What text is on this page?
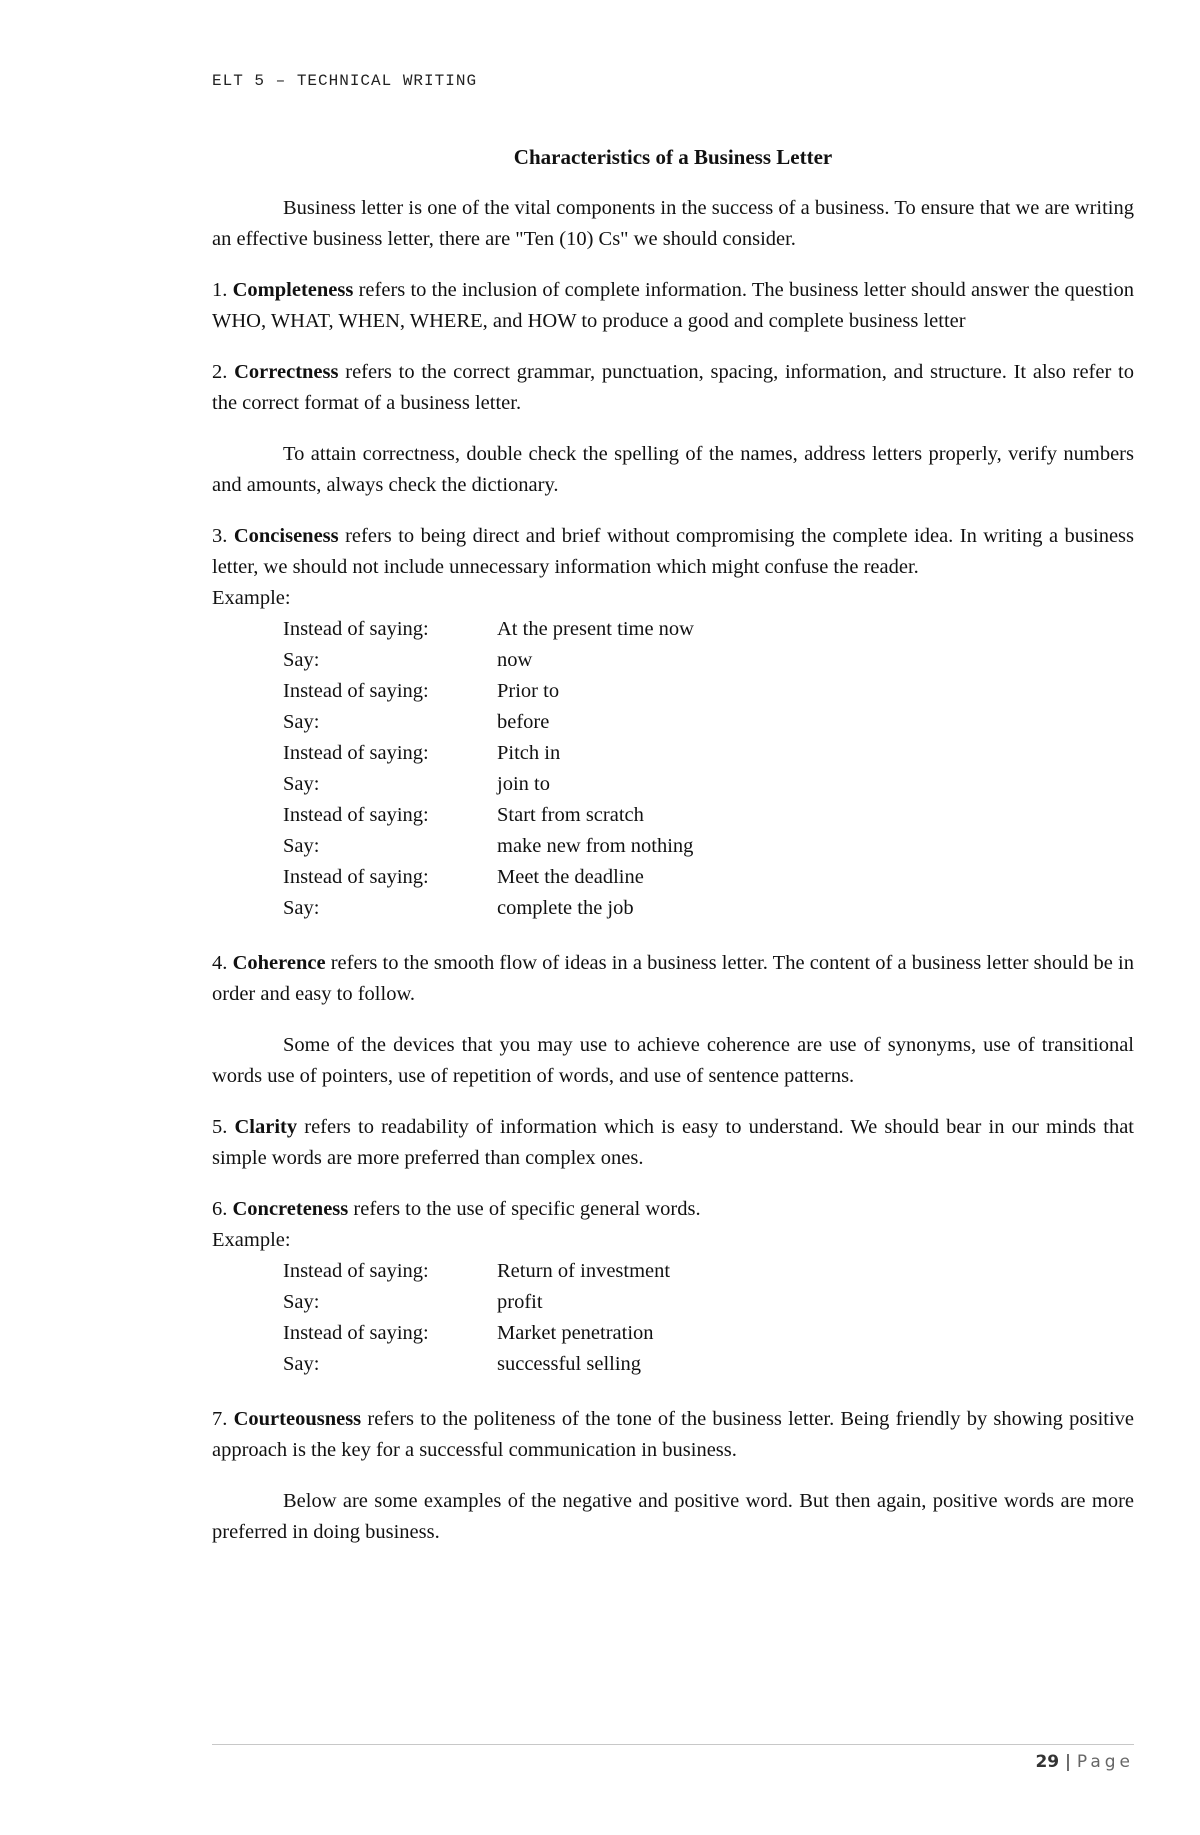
ELT 5 – TECHNICAL WRITING
Characteristics of a Business Letter

Business letter is one of the vital components in the success of a business. To ensure that we are writing an effective business letter, there are "Ten (10) Cs" we should consider.

1. Completeness refers to the inclusion of complete information. The business letter should answer the question WHO, WHAT, WHEN, WHERE, and HOW to produce a good and complete business letter

2. Correctness refers to the correct grammar, punctuation, spacing, information, and structure. It also refer to the correct format of a business letter.

To attain correctness, double check the spelling of the names, address letters properly, verify numbers and amounts, always check the dictionary.

3. Conciseness refers to being direct and brief without compromising the complete idea. In writing a business letter, we should not include unnecessary information which might confuse the reader.

Example:
Instead of saying:	At the present time now
Say:	now
Instead of saying:	Prior to
Say:	before
Instead of saying:	Pitch in
Say:	join to
Instead of saying:	Start from scratch
Say:	make new from nothing
Instead of saying:	Meet the deadline
Say:	complete the job

4. Coherence refers to the smooth flow of ideas in a business letter. The content of a business letter should be in order and easy to follow.

Some of the devices that you may use to achieve coherence are use of synonyms, use of transitional words use of pointers, use of repetition of words, and use of sentence patterns.

5. Clarity refers to readability of information which is easy to understand. We should bear in our minds that simple words are more preferred than complex ones.

6. Concreteness refers to the use of specific general words.

Example:
Instead of saying:	Return of investment
Say:	profit
Instead of saying:	Market penetration
Say:	successful selling

7. Courteousness refers to the politeness of the tone of the business letter. Being friendly by showing positive approach is the key for a successful communication in business.

Below are some examples of the negative and positive word. But then again, positive words are more preferred in doing business.

29 | Page
